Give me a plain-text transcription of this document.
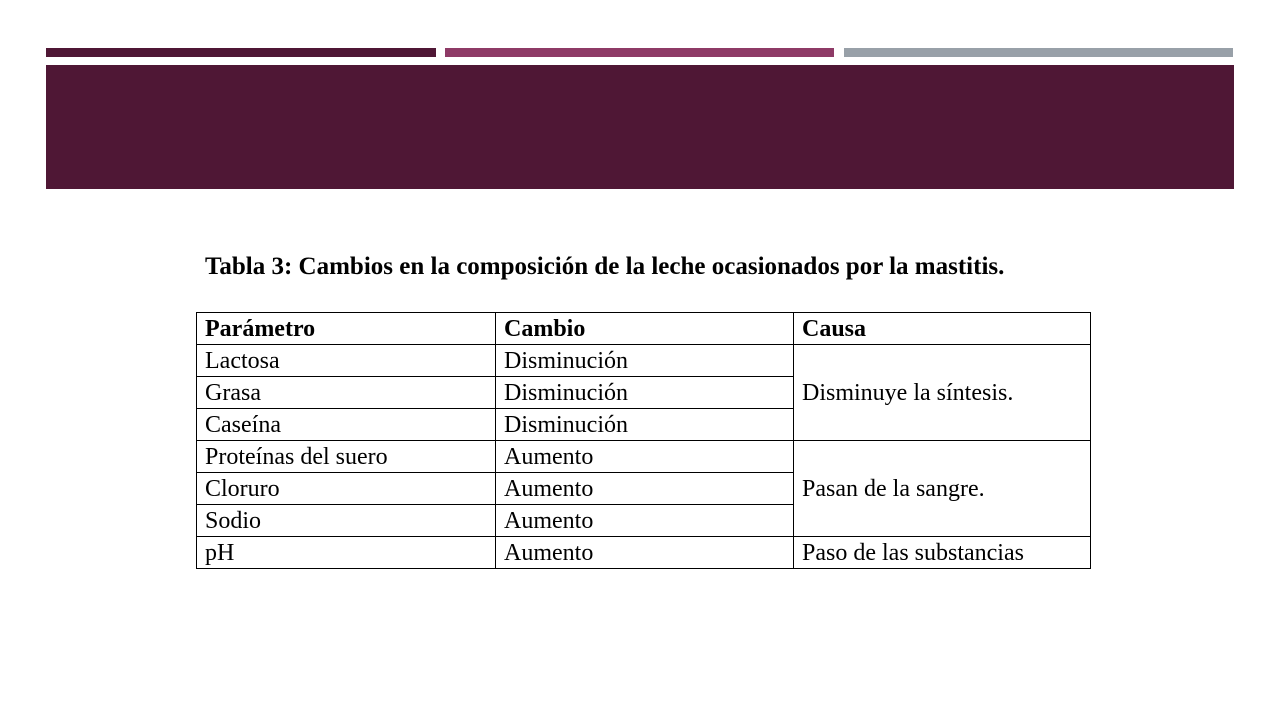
Tabla 3: Cambios en la composición de la leche ocasionados por la mastitis.
Parámetro	Cambio	Causa
Lactosa	Disminución	Disminuye la síntesis.
Grasa	Disminución	
Caseína	Disminución	
Proteínas del suero	Aumento	Pasan de la sangre.
Cloruro	Aumento	
Sodio	Aumento	
pH	Aumento	Paso de las substancias
